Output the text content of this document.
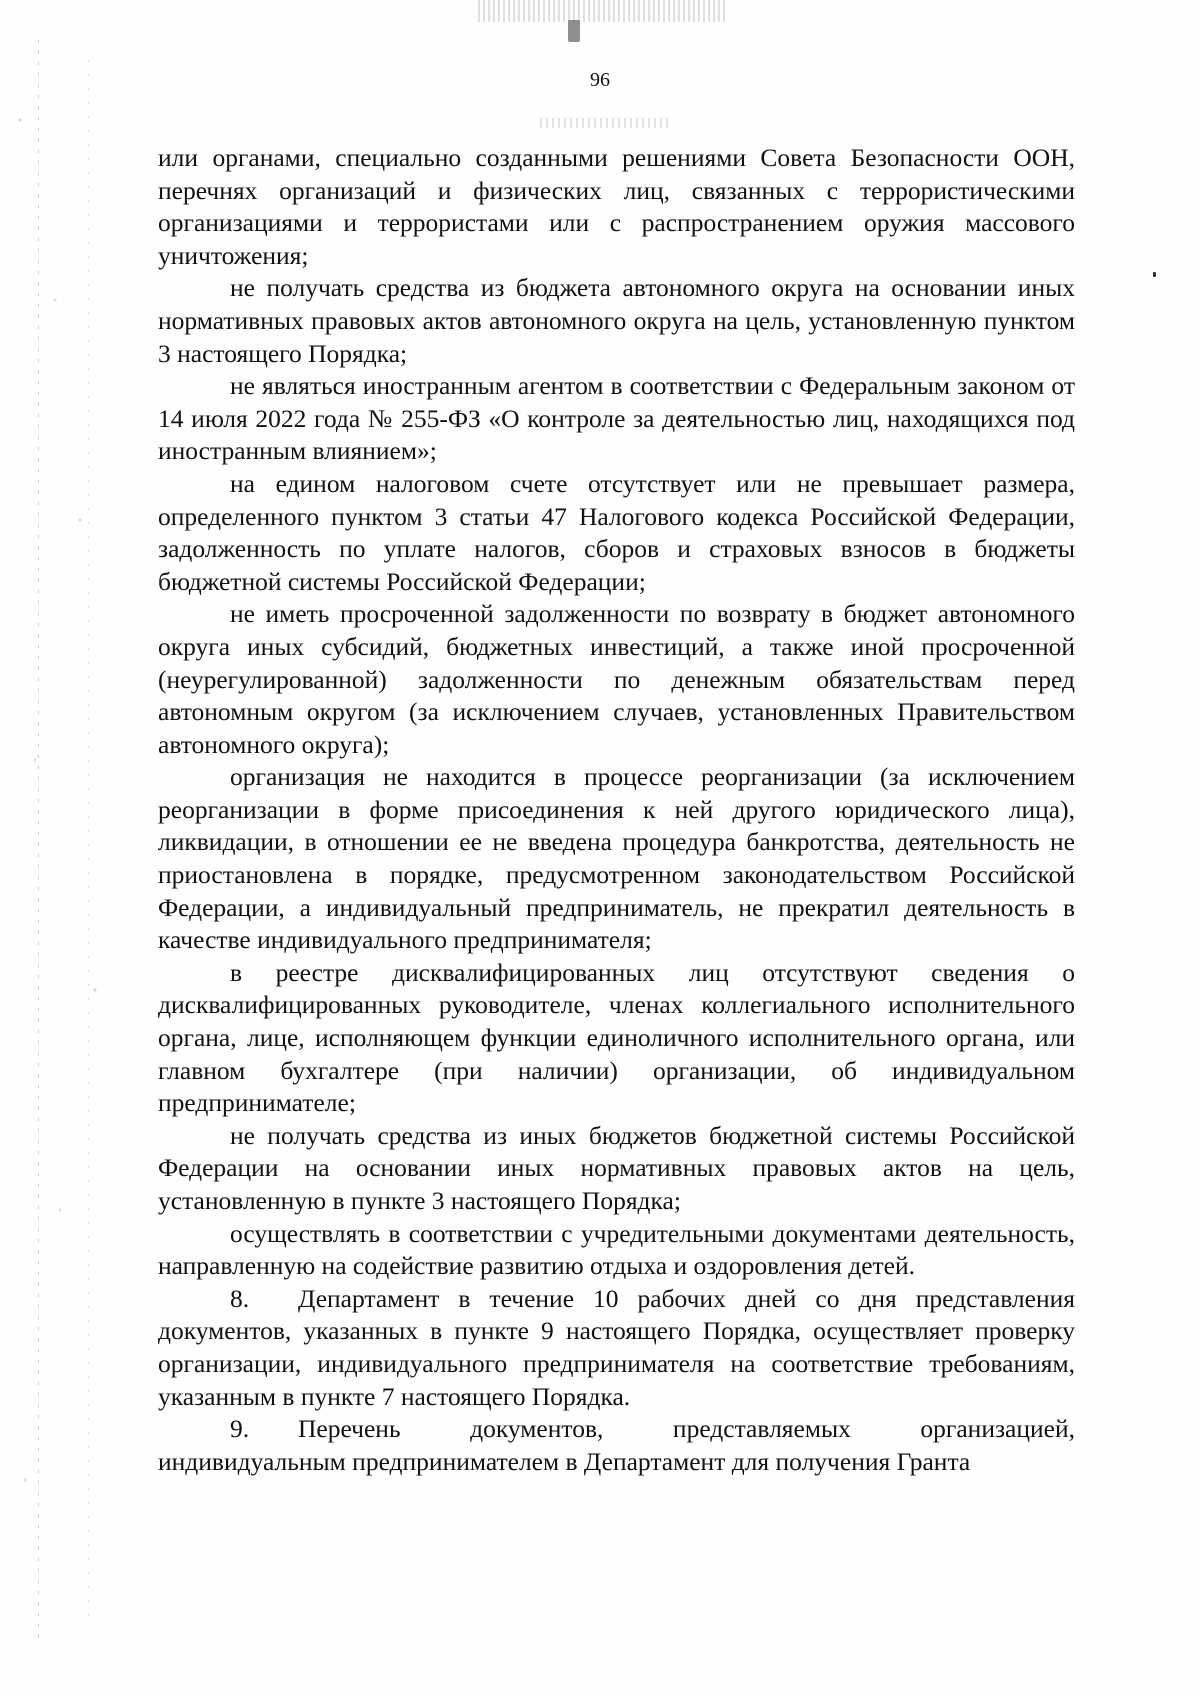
96

или органами, специально созданными решениями Совета Безопасности ООН, перечнях организаций и физических лиц, связанных с террористическими организациями и террористами или с распространением оружия массового уничтожения;

не получать средства из бюджета автономного округа на основании иных нормативных правовых актов автономного округа на цель, установленную пунктом 3 настоящего Порядка;

не являться иностранным агентом в соответствии с Федеральным законом от 14 июля 2022 года № 255-ФЗ «О контроле за деятельностью лиц, находящихся под иностранным влиянием»;

на едином налоговом счете отсутствует или не превышает размера, определенного пунктом 3 статьи 47 Налогового кодекса Российской Федерации, задолженность по уплате налогов, сборов и страховых взносов в бюджеты бюджетной системы Российской Федерации;

не иметь просроченной задолженности по возврату в бюджет автономного округа иных субсидий, бюджетных инвестиций, а также иной просроченной (неурегулированной) задолженности по денежным обязательствам перед автономным округом (за исключением случаев, установленных Правительством автономного округа);

организация не находится в процессе реорганизации (за исключением реорганизации в форме присоединения к ней другого юридического лица), ликвидации, в отношении ее не введена процедура банкротства, деятельность не приостановлена в порядке, предусмотренном законодательством Российской Федерации, а индивидуальный предприниматель, не прекратил деятельность в качестве индивидуального предпринимателя;

в реестре дисквалифицированных лиц отсутствуют сведения о дисквалифицированных руководителе, членах коллегиального исполнительного органа, лице, исполняющем функции единоличного исполнительного органа, или главном бухгалтере (при наличии) организации, об индивидуальном предпринимателе;

не получать средства из иных бюджетов бюджетной системы Российской Федерации на основании иных нормативных правовых актов на цель, установленную в пункте 3 настоящего Порядка;

осуществлять в соответствии с учредительными документами деятельность, направленную на содействие развитию отдыха и оздоровления детей.

8. Департамент в течение 10 рабочих дней со дня представления документов, указанных в пункте 9 настоящего Порядка, осуществляет проверку организации, индивидуального предпринимателя на соответствие требованиям, указанным в пункте 7 настоящего Порядка.

9. Перечень документов, представляемых организацией, индивидуальным предпринимателем в Департамент для получения Гранта
